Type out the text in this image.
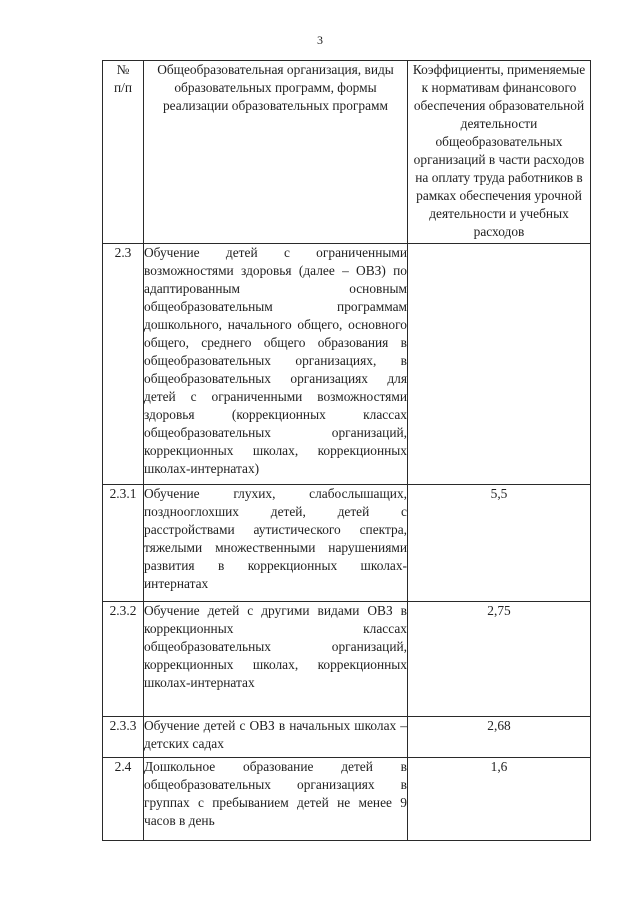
3
№
п/п	Общеобразовательная организация, виды образовательных программ, формы реализации образовательных программ	Коэффициенты, применяемые к нормативам финансового обеспечения образовательной деятельности общеобразовательных организаций в части расходов на оплату труда работников в рамках обеспечения урочной деятельности и учебных расходов
2.3	Обучение детей с ограниченными возможностями здоровья (далее – ОВЗ) по адаптированным основным общеобразовательным программам дошкольного, начального общего, основного общего, среднего общего образования в общеобразовательных организациях, в общеобразовательных организациях для детей с ограниченными возможностями здоровья (коррекционных классах общеобразовательных организаций, коррекционных школах, коррекционных школах-интернатах)	
2.3.1	Обучение глухих, слабослышащих, позднооглохших детей, детей с расстройствами аутистического спектра, тяжелыми множественными нарушениями развития в коррекционных школах-интернатах	5,5
2.3.2	Обучение детей с другими видами ОВЗ в коррекционных классах общеобразовательных организаций, коррекционных школах, коррекционных школах-интернатах	2,75
2.3.3	Обучение детей с ОВЗ в начальных школах – детских садах	2,68
2.4	Дошкольное образование детей в общеобразовательных организациях в группах с пребыванием детей не менее 9 часов в день	1,6
